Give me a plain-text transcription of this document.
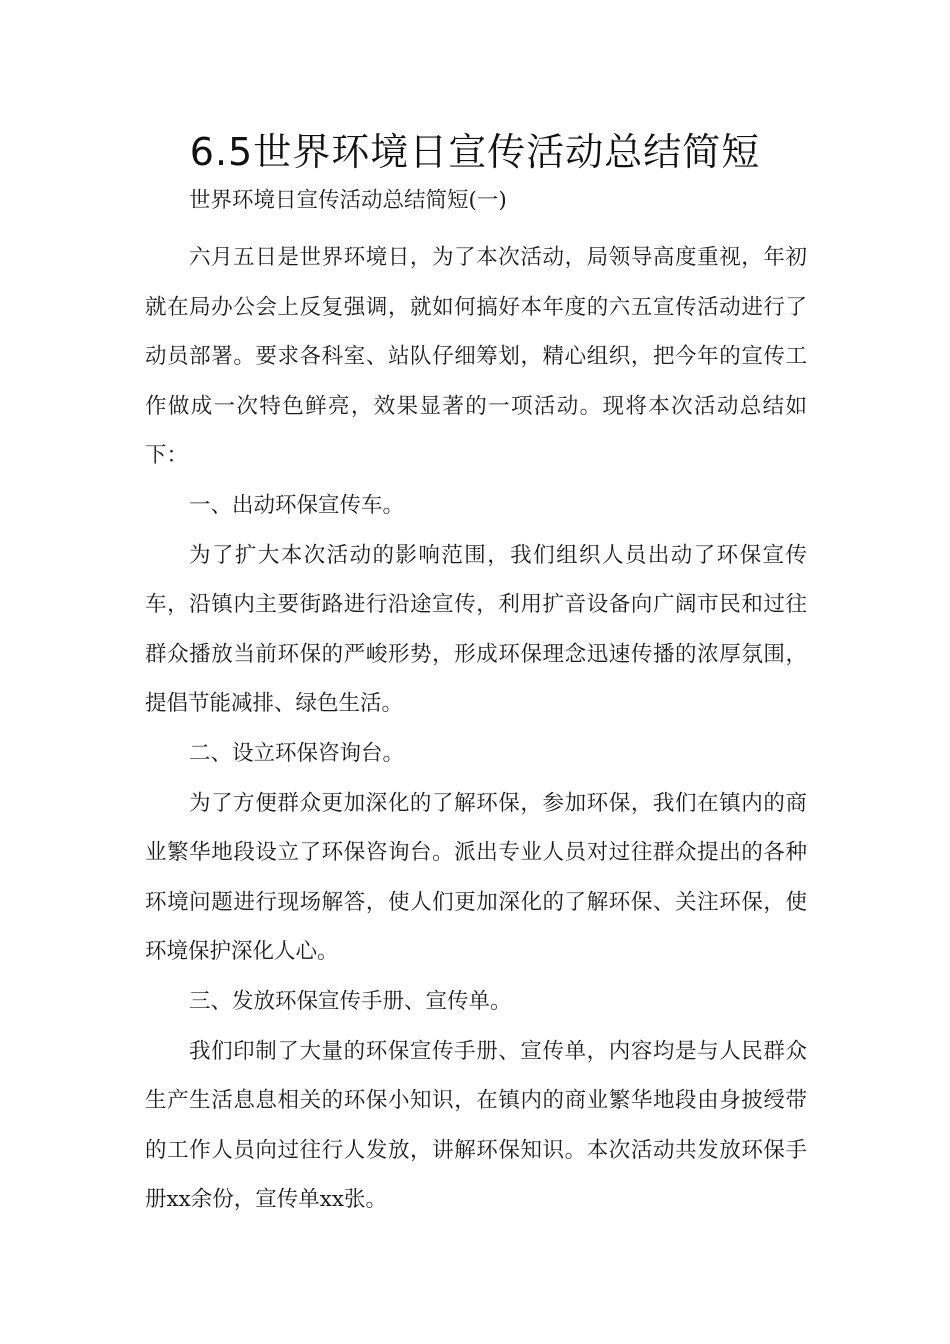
6.5世界环境日宣传活动总结简短

世界环境日宣传活动总结简短(一)

六月五日是世界环境日，为了本次活动，局领导高度重视，年初就在局办公会上反复强调，就如何搞好本年度的六五宣传活动进行了动员部署。要求各科室、站队仔细筹划，精心组织，把今年的宣传工作做成一次特色鲜亮，效果显著的一项活动。现将本次活动总结如下：

一、出动环保宣传车。

为了扩大本次活动的影响范围，我们组织人员出动了环保宣传车，沿镇内主要街路进行沿途宣传，利用扩音设备向广阔市民和过往群众播放当前环保的严峻形势，形成环保理念迅速传播的浓厚氛围，提倡节能减排、绿色生活。

二、设立环保咨询台。

为了方便群众更加深化的了解环保，参加环保，我们在镇内的商业繁华地段设立了环保咨询台。派出专业人员对过往群众提出的各种环境问题进行现场解答，使人们更加深化的了解环保、关注环保，使环境保护深化人心。

三、发放环保宣传手册、宣传单。

我们印制了大量的环保宣传手册、宣传单，内容均是与人民群众生产生活息息相关的环保小知识，在镇内的商业繁华地段由身披绶带的工作人员向过往行人发放，讲解环保知识。本次活动共发放环保手册xx余份，宣传单xx张。
